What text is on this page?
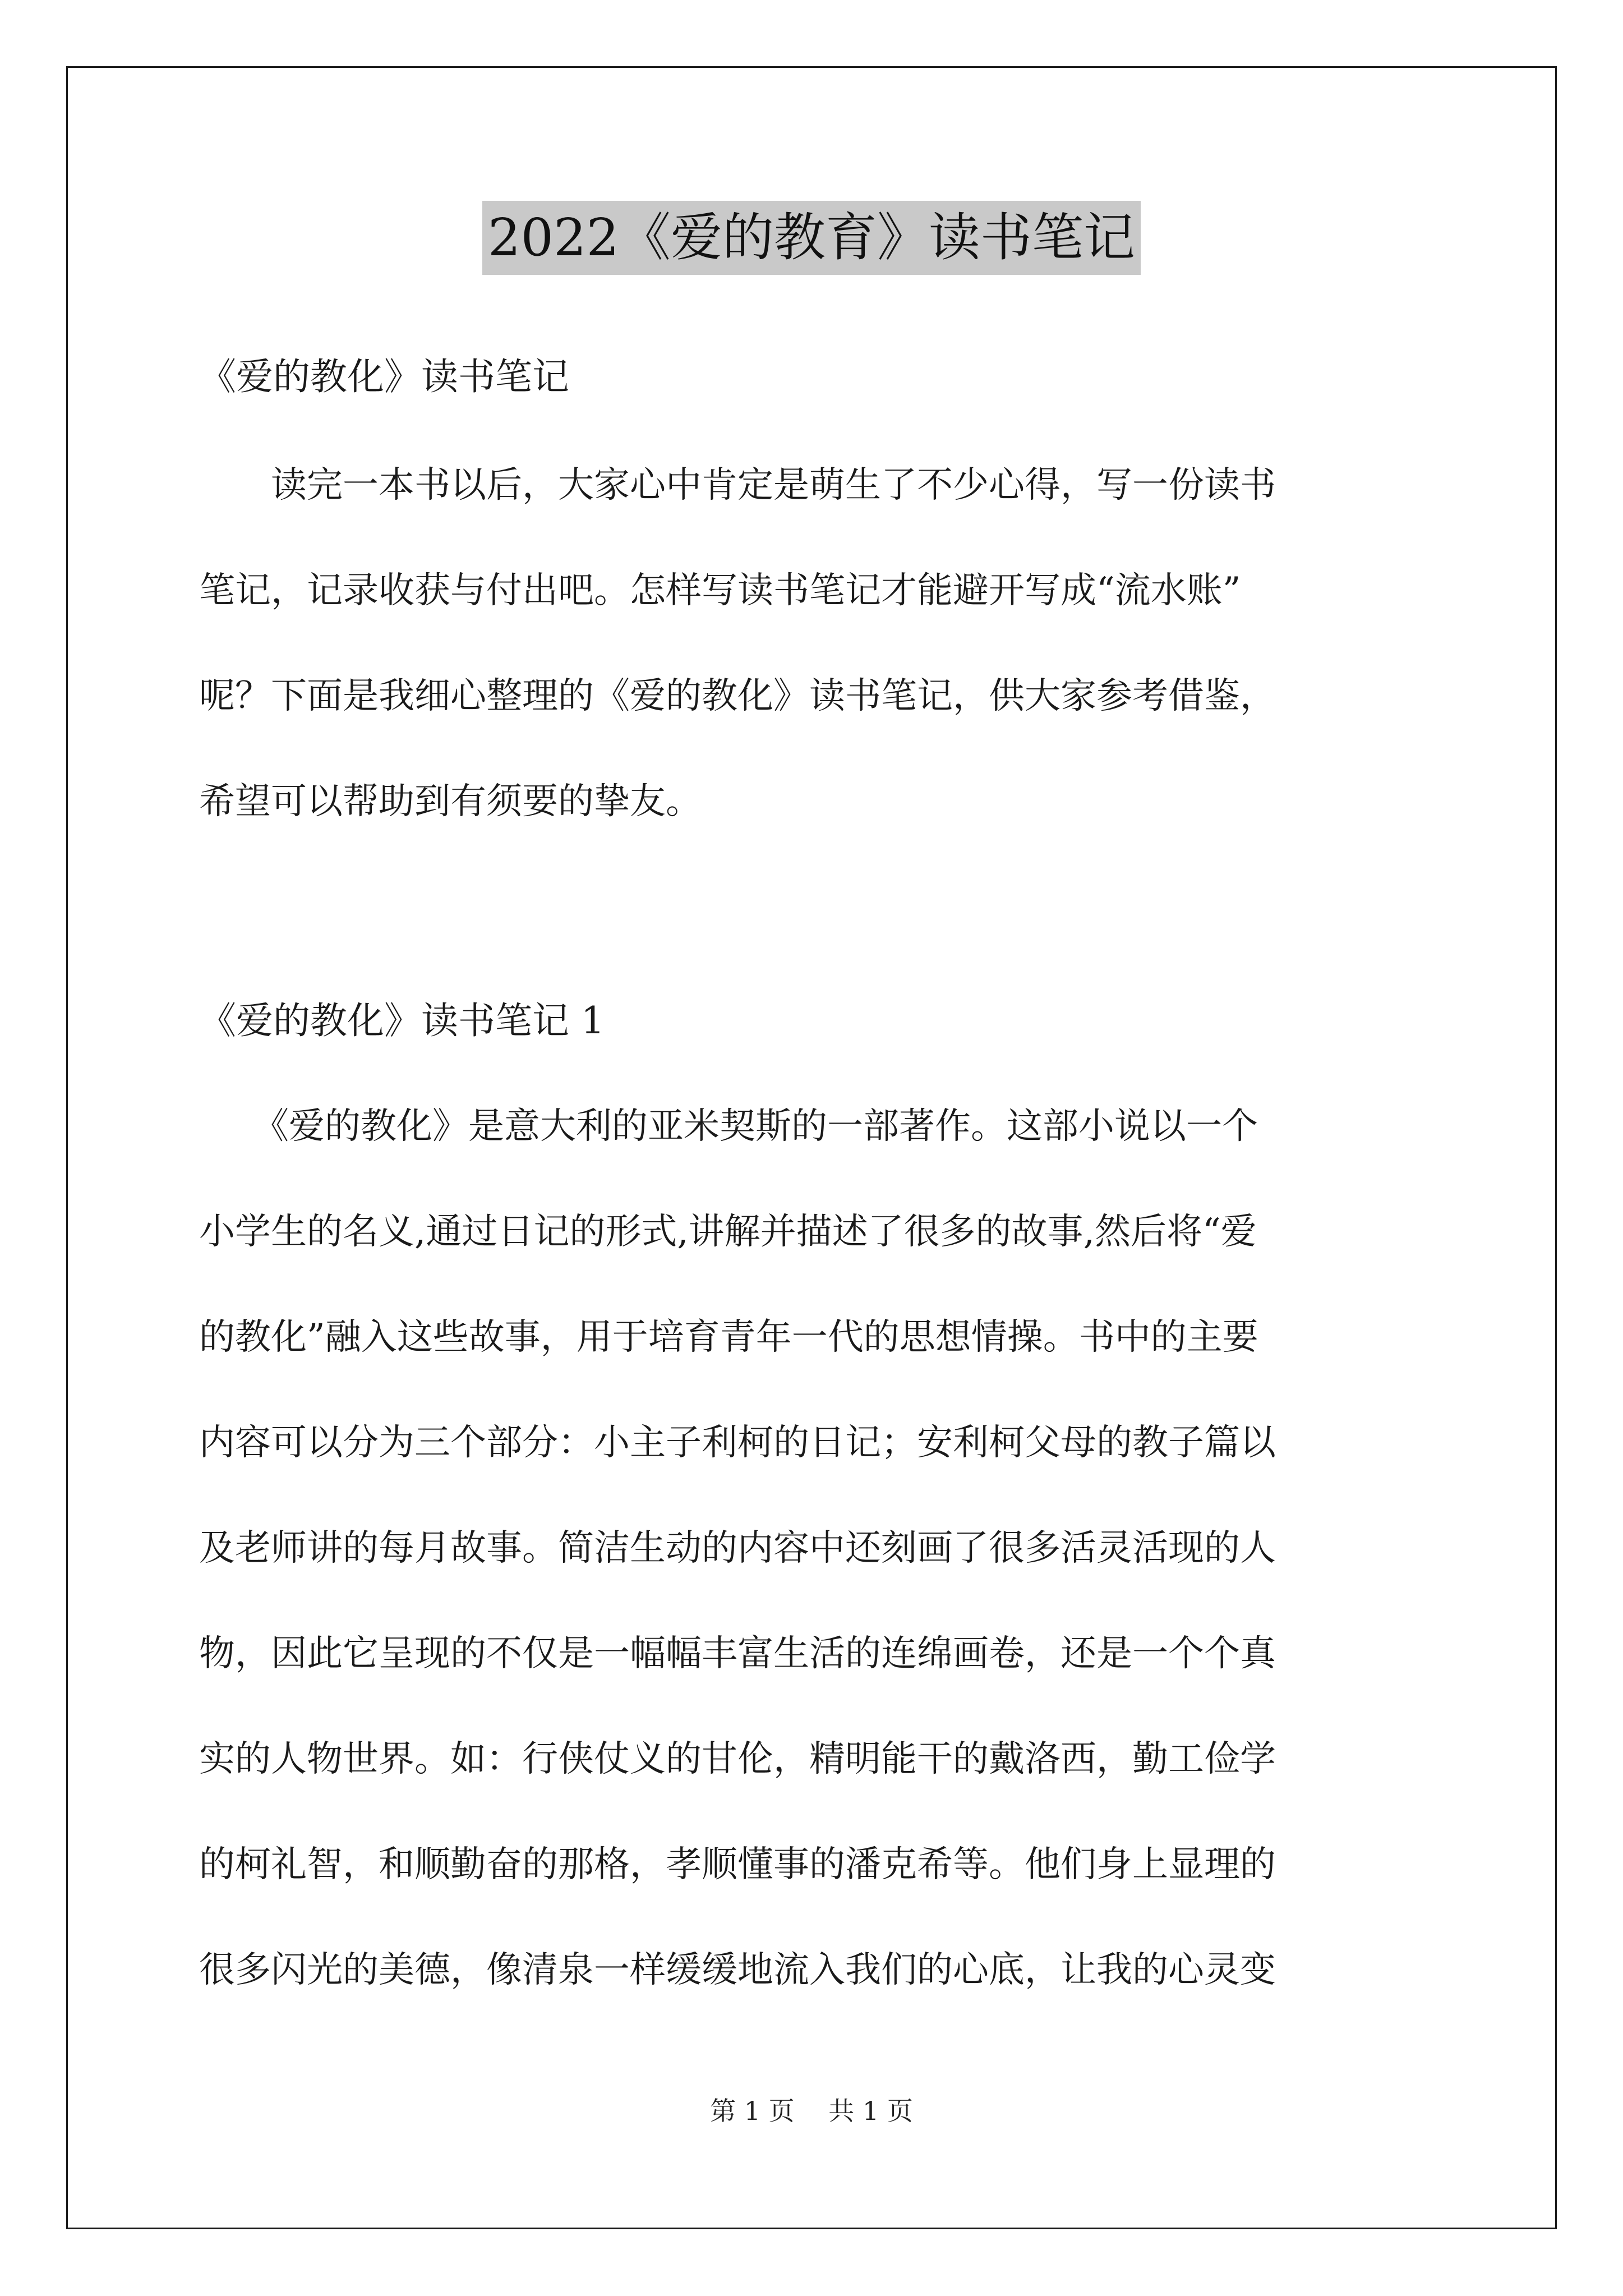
2022《爱的教育》读书笔记
《爱的教化》读书笔记
　　读完一本书以后，大家心中肯定是萌生了不少心得，写一份读书
笔记，记录收获与付出吧。怎样写读书笔记才能避开写成“流水账”
呢？下面是我细心整理的《爱的教化》读书笔记，供大家参考借鉴，
希望可以帮助到有须要的挚友。
《爱的教化》读书笔记 1
　　《爱的教化》是意大利的亚米契斯的一部著作。这部小说以一个
小学生的名义,通过日记的形式,讲解并描述了很多的故事,然后将“爱
的教化”融入这些故事，用于培育青年一代的思想情操。书中的主要
内容可以分为三个部分：小主子利柯的日记；安利柯父母的教子篇以
及老师讲的每月故事。简洁生动的内容中还刻画了很多活灵活现的人
物，因此它呈现的不仅是一幅幅丰富生活的连绵画卷，还是一个个真
实的人物世界。如：行侠仗义的甘伦，精明能干的戴洛西，勤工俭学
的柯礼智，和顺勤奋的那格，孝顺懂事的潘克希等。他们身上显理的
很多闪光的美德，像清泉一样缓缓地流入我们的心底，让我的心灵变
第 1 页　 共 1 页
